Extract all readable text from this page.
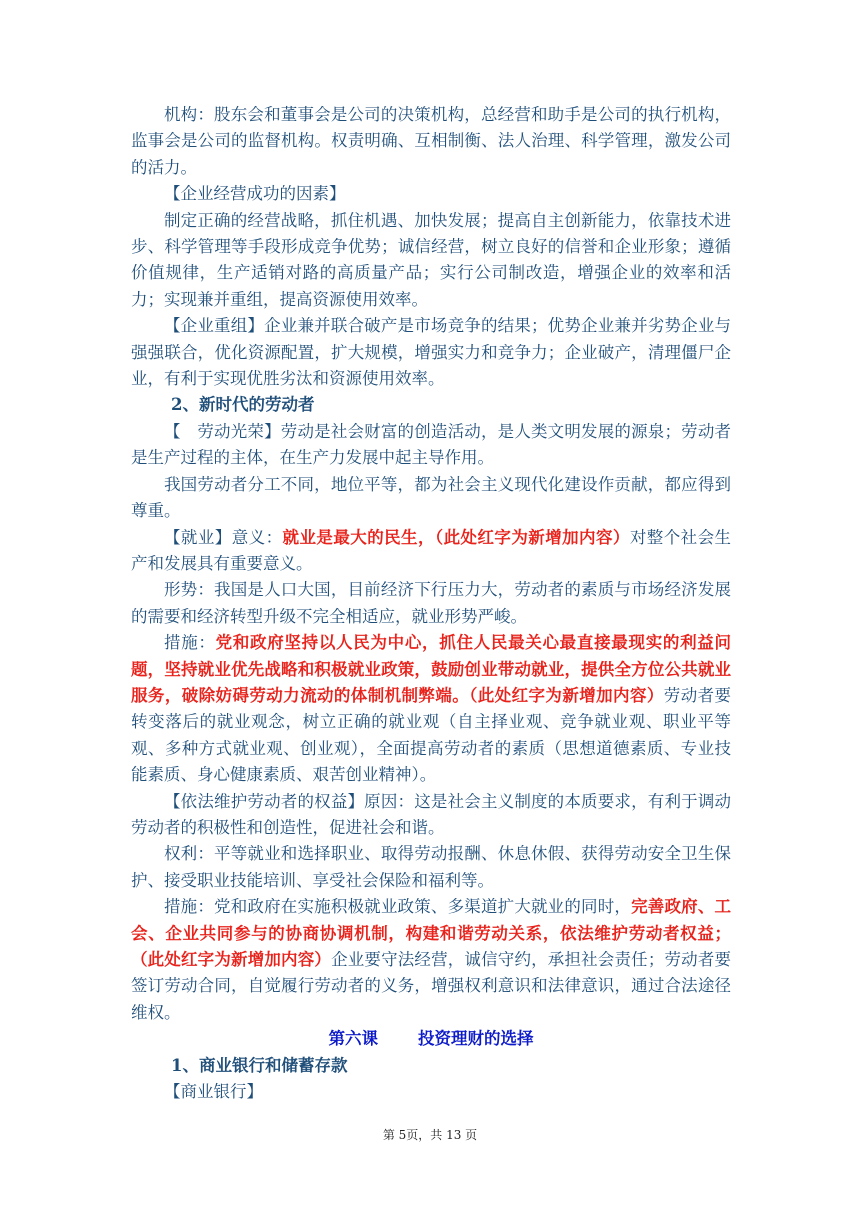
机构：股东会和董事会是公司的决策机构，总经营和助手是公司的执行机构，监事会是公司的监督机构。权责明确、互相制衡、法人治理、科学管理，激发公司的活力。

【企业经营成功的因素】

制定正确的经营战略，抓住机遇、加快发展；提高自主创新能力，依靠技术进步、科学管理等手段形成竞争优势；诚信经营，树立良好的信誉和企业形象；遵循价值规律，生产适销对路的高质量产品；实行公司制改造，增强企业的效率和活力；实现兼并重组，提高资源使用效率。

【企业重组】企业兼并联合破产是市场竞争的结果；优势企业兼并劣势企业与强强联合，优化资源配置，扩大规模，增强实力和竞争力；企业破产，清理僵尸企业，有利于实现优胜劣汰和资源使用效率。

2、新时代的劳动者

【　劳动光荣】劳动是社会财富的创造活动，是人类文明发展的源泉；劳动者是生产过程的主体，在生产力发展中起主导作用。

我国劳动者分工不同，地位平等，都为社会主义现代化建设作贡献，都应得到尊重。

【就业】意义：就业是最大的民生，（此处红字为新增加内容）对整个社会生产和发展具有重要意义。

形势：我国是人口大国，目前经济下行压力大，劳动者的素质与市场经济发展的需要和经济转型升级不完全相适应，就业形势严峻。

措施：党和政府坚持以人民为中心，抓住人民最关心最直接最现实的利益问题，坚持就业优先战略和积极就业政策，鼓励创业带动就业，提供全方位公共就业服务，破除妨碍劳动力流动的体制机制弊端。（此处红字为新增加内容）劳动者要转变落后的就业观念，树立正确的就业观（自主择业观、竞争就业观、职业平等观、多种方式就业观、创业观），全面提高劳动者的素质（思想道德素质、专业技能素质、身心健康素质、艰苦创业精神）。

【依法维护劳动者的权益】原因：这是社会主义制度的本质要求，有利于调动劳动者的积极性和创造性，促进社会和谐。

权利：平等就业和选择职业、取得劳动报酬、休息休假、获得劳动安全卫生保护、接受职业技能培训、享受社会保险和福利等。

措施：党和政府在实施积极就业政策、多渠道扩大就业的同时，完善政府、工会、企业共同参与的协商协调机制，构建和谐劳动关系，依法维护劳动者权益；（此处红字为新增加内容）企业要守法经营，诚信守约，承担社会责任；劳动者要签订劳动合同，自觉履行劳动者的义务，增强权利意识和法律意识，通过合法途径维权。

第六课 投资理财的选择

1、商业银行和储蓄存款

【商业银行】

第 5页，共 13 页
